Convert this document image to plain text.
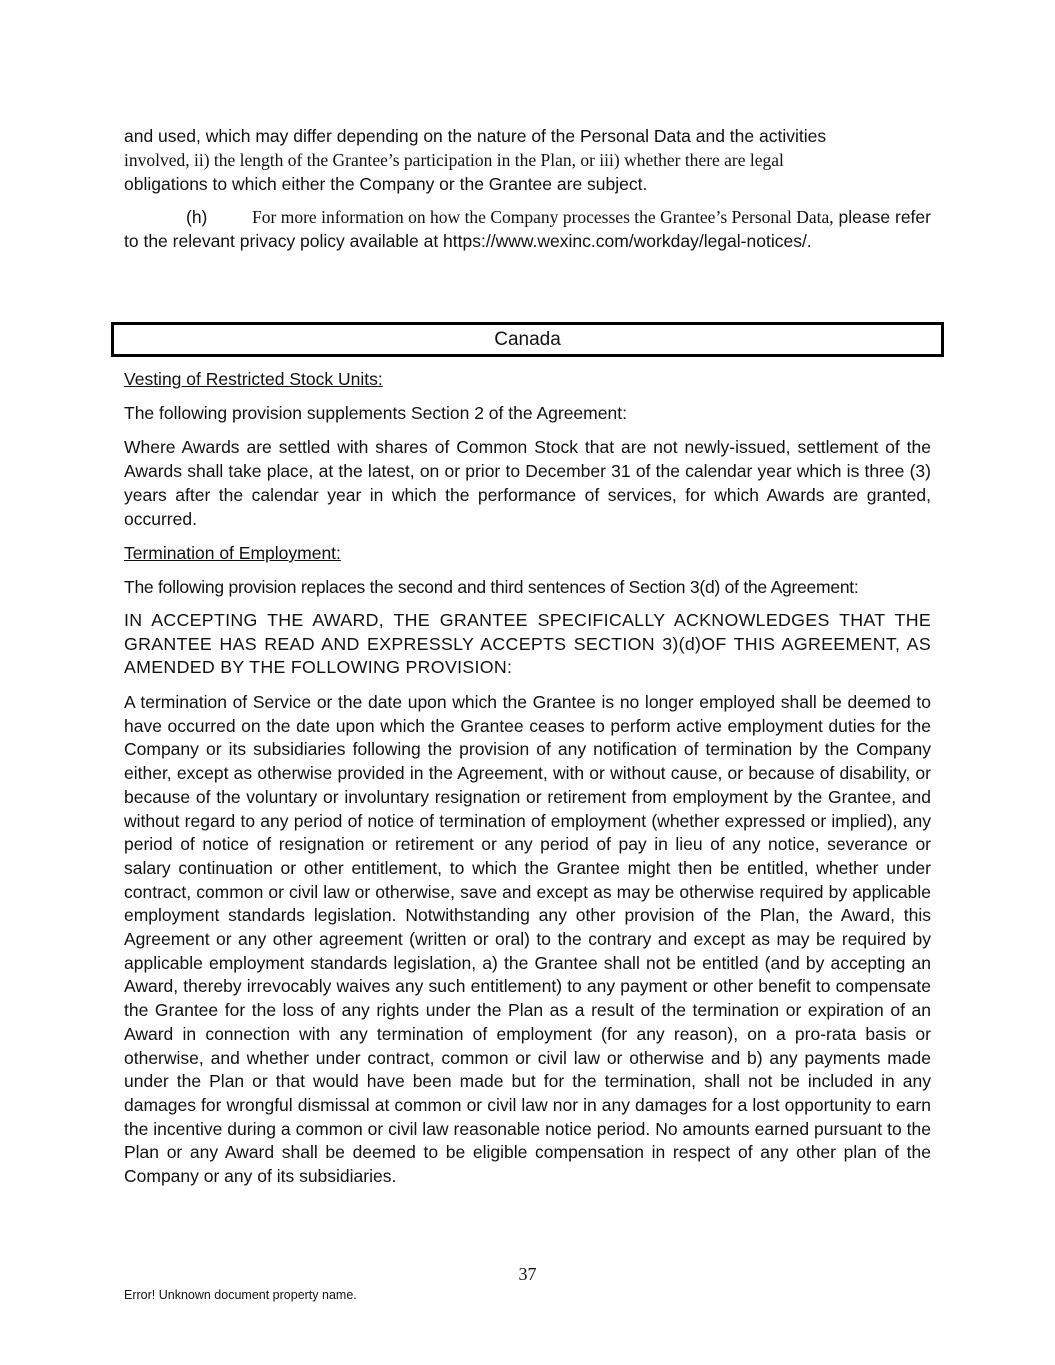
and used, which may differ depending on the nature of the Personal Data and the activities

involved, ii) the length of the Grantee’s participation in the Plan, or iii) whether there are legal

obligations to which either the Company or the Grantee are subject.

(h)	For more information on how the Company processes the Grantee’s Personal Data, please refer to the relevant privacy policy available at https://www.wexinc.com/workday/legal-notices/.

Canada

Vesting of Restricted Stock Units:

The following provision supplements Section 2 of the Agreement:

Where Awards are settled with shares of Common Stock that are not newly-issued, settlement of the Awards shall take place, at the latest, on or prior to December 31 of the calendar year which is three (3) years after the calendar year in which the performance of services, for which Awards are granted, occurred.

Termination of Employment:

The following provision replaces the second and third sentences of Section 3(d) of the Agreement:

IN ACCEPTING THE AWARD, THE GRANTEE SPECIFICALLY ACKNOWLEDGES THAT THE GRANTEE HAS READ AND EXPRESSLY ACCEPTS SECTION 3)(d)OF THIS AGREEMENT, AS AMENDED BY THE FOLLOWING PROVISION:

A termination of Service or the date upon which the Grantee is no longer employed shall be deemed to have occurred on the date upon which the Grantee ceases to perform active employment duties for the Company or its subsidiaries following the provision of any notification of termination by the Company either, except as otherwise provided in the Agreement, with or without cause, or because of disability, or because of the voluntary or involuntary resignation or retirement from employment by the Grantee, and without regard to any period of notice of termination of employment (whether expressed or implied), any period of notice of resignation or retirement or any period of pay in lieu of any notice, severance or salary continuation or other entitlement, to which the Grantee might then be entitled, whether under contract, common or civil law or otherwise, save and except as may be otherwise required by applicable employment standards legislation. Notwithstanding any other provision of the Plan, the Award, this Agreement or any other agreement (written or oral) to the contrary and except as may be required by applicable employment standards legislation, a) the Grantee shall not be entitled (and by accepting an Award, thereby irrevocably waives any such entitlement) to any payment or other benefit to compensate the Grantee for the loss of any rights under the Plan as a result of the termination or expiration of an Award in connection with any termination of employment (for any reason), on a pro-rata basis or otherwise, and whether under contract, common or civil law or otherwise and b) any payments made under the Plan or that would have been made but for the termination, shall not be included in any damages for wrongful dismissal at common or civil law nor in any damages for a lost opportunity to earn the incentive during a common or civil law reasonable notice period. No amounts earned pursuant to the Plan or any Award shall be deemed to be eligible compensation in respect of any other plan of the Company or any of its subsidiaries.

37
Error! Unknown document property name.
